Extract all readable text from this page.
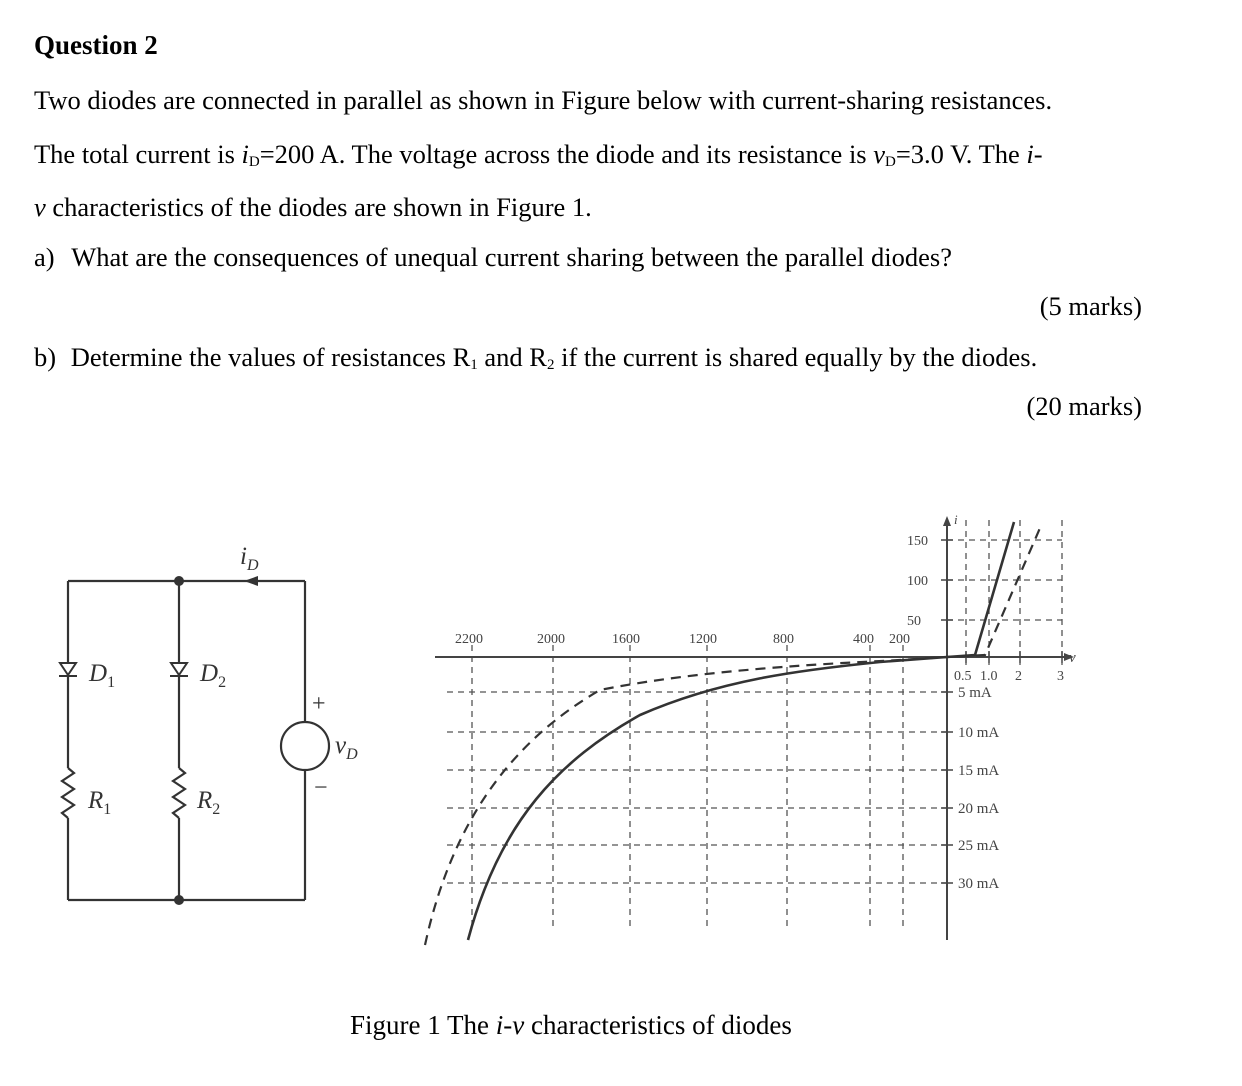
Question 2
Two diodes are connected in parallel as shown in Figure below with current-sharing resistances.
The total current is $i_D=200$ A. The voltage across the diode and its resistance is $v_D=3.0$ V. The i-
v characteristics of the diodes are shown in Figure 1.
a) What are the consequences of unequal current sharing between the parallel diodes?
(5 marks)
b) Determine the values of resistances $R_1$ and $R_2$ if the current is shared equally by the diodes.
(20 marks)
$i_D$
$D_1$	$D_2$
$R_1$	$R_2$
+
−
$v_D$
5 mA
10 mA
15 mA
20 mA
25 mA
30 mA
2200	2000	1600	1200	800	400 200
150
100
50
0.5 1.0 2	3
v
i
Figure 1 The i-v characteristics of diodes
